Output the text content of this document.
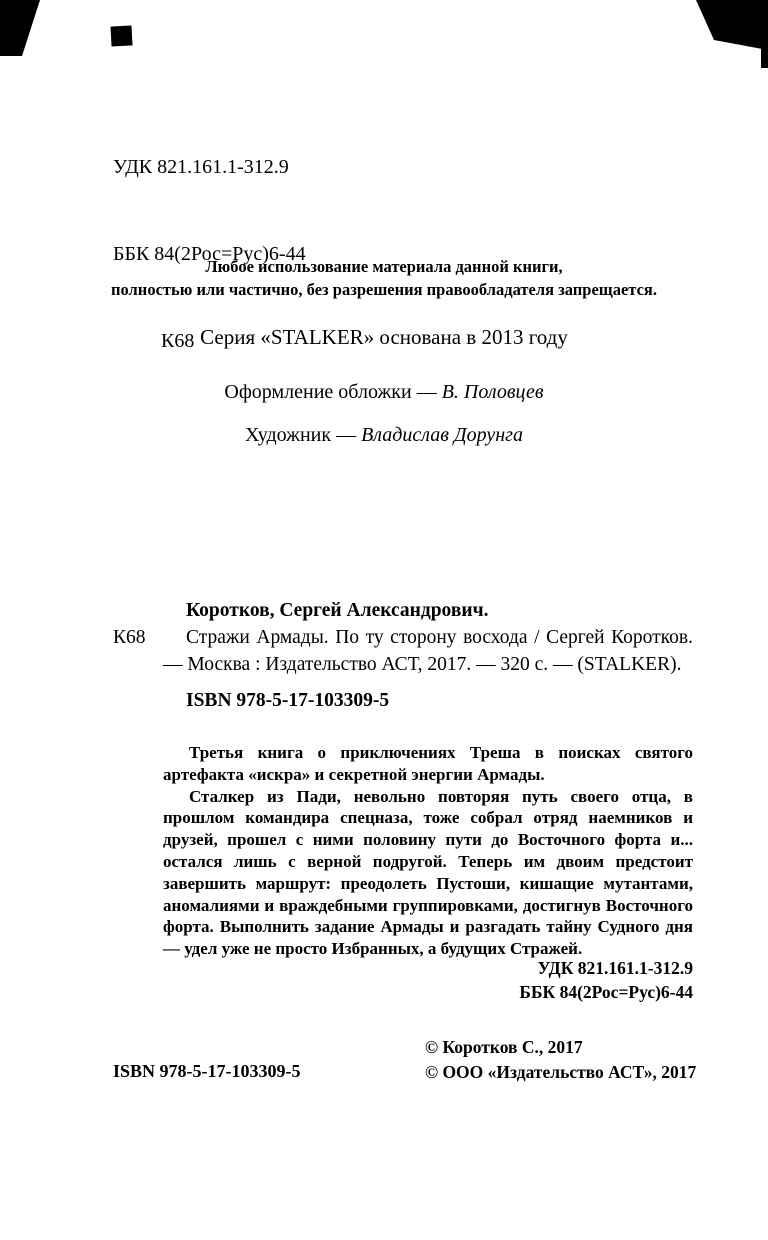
УДК 821.161.1-312.9

ББК 84(2Рос=Рус)6-44

К68

Любое использование материала данной книги,
полностью или частично, без разрешения правообладателя запрещается.
Серия «STALKER» основана в 2013 году
Оформление обложки — В. Половцев
Художник — Владислав Дорунга
Коротков, Сергей Александрович.
К68 Стражи Армады. По ту сторону восхода / Сергей Коротков. — Москва : Издательство АСТ, 2017. — 320 с. — (STALKER).
ISBN 978-5-17-103309-5

Третья книга о приключениях Треша в поисках святого артефакта «искра» и секретной энергии Армады.

Сталкер из Пади, невольно повторяя путь своего отца, в прошлом командира спецназа, тоже собрал отряд наемников и друзей, прошел с ними половину пути до Восточного форта и... остался лишь с верной подругой. Теперь им двоим предстоит завершить маршрут: преодолеть Пустоши, кишащие мутантами, аномалиями и враждебными группировками, достигнув Восточного форта. Выполнить задание Армады и разгадать тайну Судного дня — удел уже не просто Избранных, а будущих Стражей.

УДК 821.161.1-312.9
ББК 84(2Рос=Рус)6-44
© Коротков С., 2017
ISBN 978-5-17-103309-5	© ООО «Издательство АСТ», 2017
